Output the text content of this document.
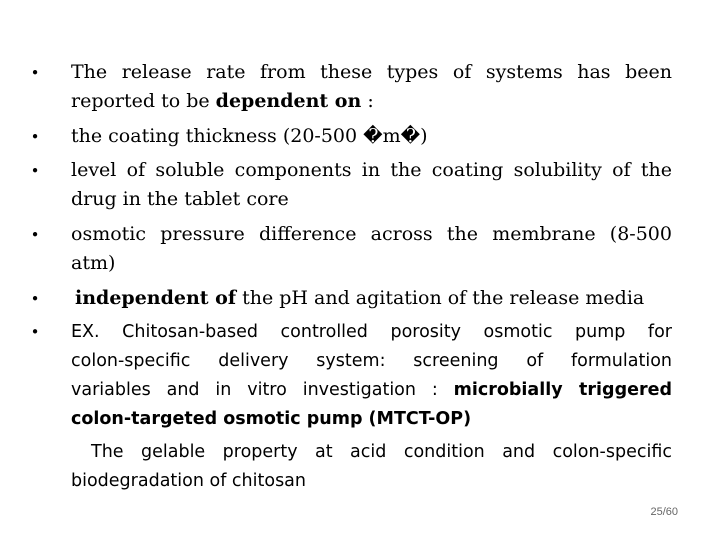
• The release rate from these types of systems has been
reported to be dependent on :
• the coating thickness (20-500 �m�)
• level of soluble components in the coating solubility of the
drug in the tablet core
• osmotic pressure difference across the membrane (8-500
atm)
• independent of the pH and agitation of the release media
• EX. Chitosan-based controlled porosity osmotic pump for
colon-specific delivery system: screening of formulation
variables and in vitro investigation : microbially triggered
colon-targeted osmotic pump (MTCT-OP)
The gelable property at acid condition and colon-specific
biodegradation of chitosan
25/60
